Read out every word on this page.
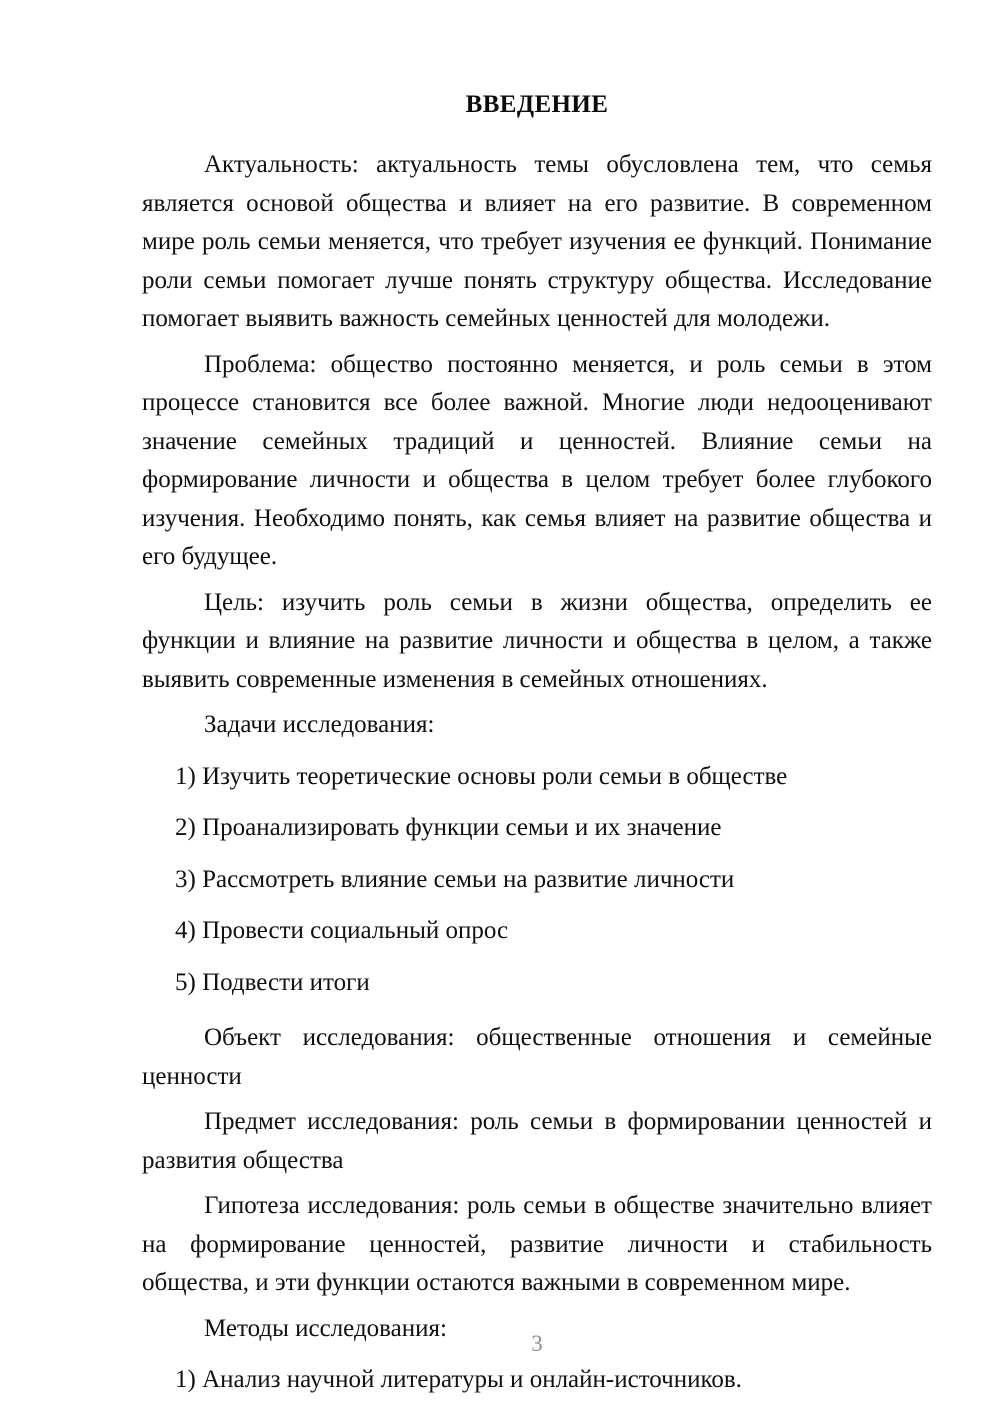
ВВЕДЕНИЕ

Актуальность: актуальность темы обусловлена тем, что семья является основой общества и влияет на его развитие. В современном мире роль семьи меняется, что требует изучения ее функций. Понимание роли семьи помогает лучше понять структуру общества. Исследование помогает выявить важность семейных ценностей для молодежи.

Проблема: общество постоянно меняется, и роль семьи в этом процессе становится все более важной. Многие люди недооценивают значение семейных традиций и ценностей. Влияние семьи на формирование личности и общества в целом требует более глубокого изучения. Необходимо понять, как семья влияет на развитие общества и его будущее.

Цель: изучить роль семьи в жизни общества, определить ее функции и влияние на развитие личности и общества в целом, а также выявить современные изменения в семейных отношениях.

Задачи исследования:

1) Изучить теоретические основы роли семьи в обществе

2) Проанализировать функции семьи и их значение

3) Рассмотреть влияние семьи на развитие личности

4) Провести социальный опрос

5) Подвести итоги

Объект исследования: общественные отношения и семейные ценности

Предмет исследования: роль семьи в формировании ценностей и развития общества

Гипотеза исследования: роль семьи в обществе значительно влияет на формирование ценностей, развитие личности и стабильность общества, и эти функции остаются важными в современном мире.

Методы исследования:

1) Анализ научной литературы и онлайн-источников.

3
